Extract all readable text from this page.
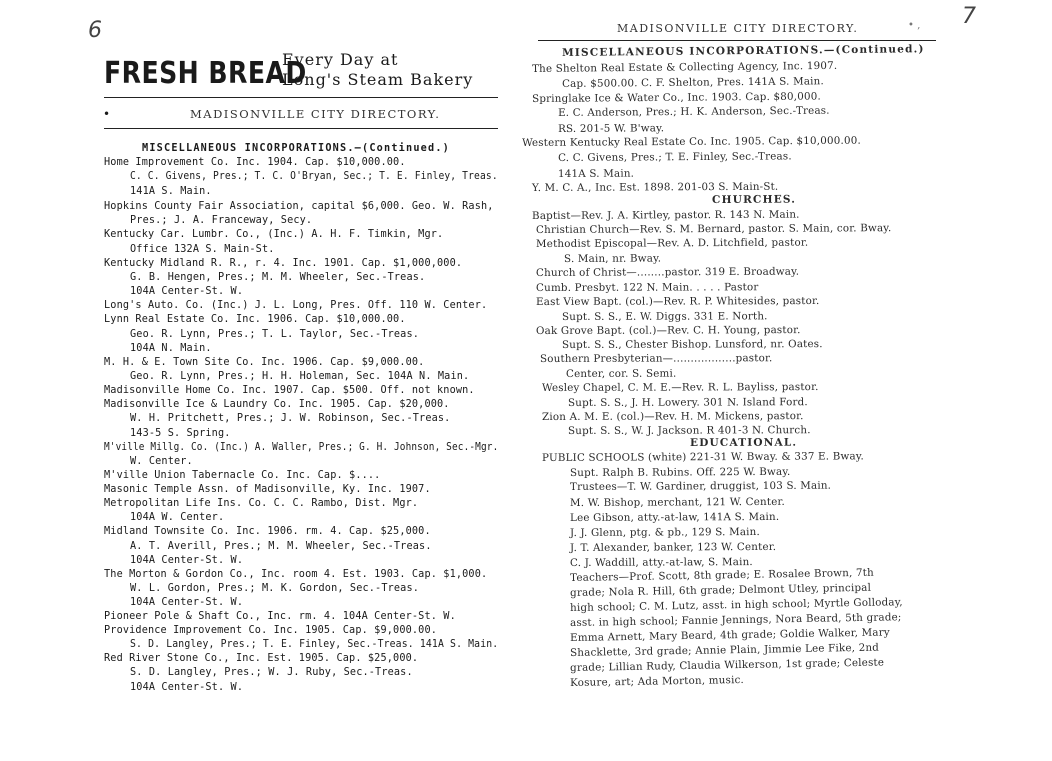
6
FRESH BREAD
Every Day at
Long's Steam Bakery
•	MADISONVILLE CITY DIRECTORY.
MISCELLANEOUS INCORPORATIONS.—(Continued.)
Home Improvement Co. Inc. 1904. Cap. $10,000.00.
C. C. Givens, Pres.; T. C. O'Bryan, Sec.; T. E. Finley, Treas.
141A S. Main.
Hopkins County Fair Association, capital $6,000. Geo. W. Rash,
Pres.; J. A. Franceway, Secy.
Kentucky Car. Lumbr. Co., (Inc.) A. H. F. Timkin, Mgr.
Office 132A S. Main-St.
Kentucky Midland R. R., r. 4. Inc. 1901. Cap. $1,000,000.
G. B. Hengen, Pres.; M. M. Wheeler, Sec.-Treas.
104A Center-St. W.
Long's Auto. Co. (Inc.) J. L. Long, Pres. Off. 110 W. Center.
Lynn Real Estate Co. Inc. 1906. Cap. $10,000.00.
Geo. R. Lynn, Pres.; T. L. Taylor, Sec.-Treas.
104A N. Main.
M. H. & E. Town Site Co. Inc. 1906. Cap. $9,000.00.
Geo. R. Lynn, Pres.; H. H. Holeman, Sec. 104A N. Main.
Madisonville Home Co. Inc. 1907. Cap. $500. Off. not known.
Madisonville Ice & Laundry Co. Inc. 1905. Cap. $20,000.
W. H. Pritchett, Pres.; J. W. Robinson, Sec.-Treas.
143-5 S. Spring.
M'ville Millg. Co. (Inc.) A. Waller, Pres.; G. H. Johnson, Sec.-Mgr.
W. Center.
M'ville Union Tabernacle Co. Inc. Cap. $....
Masonic Temple Assn. of Madisonville, Ky. Inc. 1907.
Metropolitan Life Ins. Co. C. C. Rambo, Dist. Mgr.
104A W. Center.
Midland Townsite Co. Inc. 1906. rm. 4. Cap. $25,000.
A. T. Averill, Pres.; M. M. Wheeler, Sec.-Treas.
104A Center-St. W.
The Morton & Gordon Co., Inc. room 4. Est. 1903. Cap. $1,000.
W. L. Gordon, Pres.; M. K. Gordon, Sec.-Treas.
104A Center-St. W.
Pioneer Pole & Shaft Co., Inc. rm. 4. 104A Center-St. W.
Providence Improvement Co. Inc. 1905. Cap. $9,000.00.
S. D. Langley, Pres.; T. E. Finley, Sec.-Treas. 141A S. Main.
Red River Stone Co., Inc. Est. 1905. Cap. $25,000.
S. D. Langley, Pres.; W. J. Ruby, Sec.-Treas.
104A Center-St. W.
MADISONVILLE CITY DIRECTORY.	• ‚ 7
MISCELLANEOUS INCORPORATIONS.—(Continued.)
The Shelton Real Estate & Collecting Agency, Inc. 1907.
Cap. $500.00. C. F. Shelton, Pres. 141A S. Main.
Springlake Ice & Water Co., Inc. 1903. Cap. $80,000.
E. C. Anderson, Pres.; H. K. Anderson, Sec.-Treas.
RS. 201-5 W. B'way.
Western Kentucky Real Estate Co. Inc. 1905. Cap. $10,000.00.
C. C. Givens, Pres.; T. E. Finley, Sec.-Treas.
141A S. Main.
Y. M. C. A., Inc. Est. 1898. 201-03 S. Main-St.
CHURCHES.
Baptist—Rev. J. A. Kirtley, pastor. R. 143 N. Main.
Christian Church—Rev. S. M. Bernard, pastor. S. Main, cor. Bway.
Methodist Episcopal—Rev. A. D. Litchfield, pastor.
S. Main, nr. Bway.
Church of Christ—........pastor. 319 E. Broadway.
Cumb. Presbyt. 122 N. Main. . . . . Pastor
East View Bapt. (col.)—Rev. R. P. Whitesides, pastor.
Supt. S. S., E. W. Diggs. 331 E. North.
Oak Grove Bapt. (col.)—Rev. C. H. Young, pastor.
Supt. S. S., Chester Bishop. Lunsford, nr. Oates.
Southern Presbyterian—..................pastor.
Center, cor. S. Semi.
Wesley Chapel, C. M. E.—Rev. R. L. Bayliss, pastor.
Supt. S. S., J. H. Lowery. 301 N. Island Ford.
Zion A. M. E. (col.)—Rev. H. M. Mickens, pastor.
Supt. S. S., W. J. Jackson. R 401-3 N. Church.
EDUCATIONAL.
PUBLIC SCHOOLS (white) 221-31 W. Bway. & 337 E. Bway.
Supt. Ralph B. Rubins. Off. 225 W. Bway.
Trustees—T. W. Gardiner, druggist, 103 S. Main.
M. W. Bishop, merchant, 121 W. Center.
Lee Gibson, atty.-at-law, 141A S. Main.
J. J. Glenn, ptg. & pb., 129 S. Main.
J. T. Alexander, banker, 123 W. Center.
C. J. Waddill, atty.-at-law, S. Main.
Teachers—Prof. Scott, 8th grade; E. Rosalee Brown, 7th
grade; Nola R. Hill, 6th grade; Delmont Utley, principal
high school; C. M. Lutz, asst. in high school; Myrtle Golloday,
asst. in high school; Fannie Jennings, Nora Beard, 5th grade;
Emma Arnett, Mary Beard, 4th grade; Goldie Walker, Mary
Shacklette, 3rd grade; Annie Plain, Jimmie Lee Fike, 2nd
grade; Lillian Rudy, Claudia Wilkerson, 1st grade; Celeste
Kosure, art; Ada Morton, music.
